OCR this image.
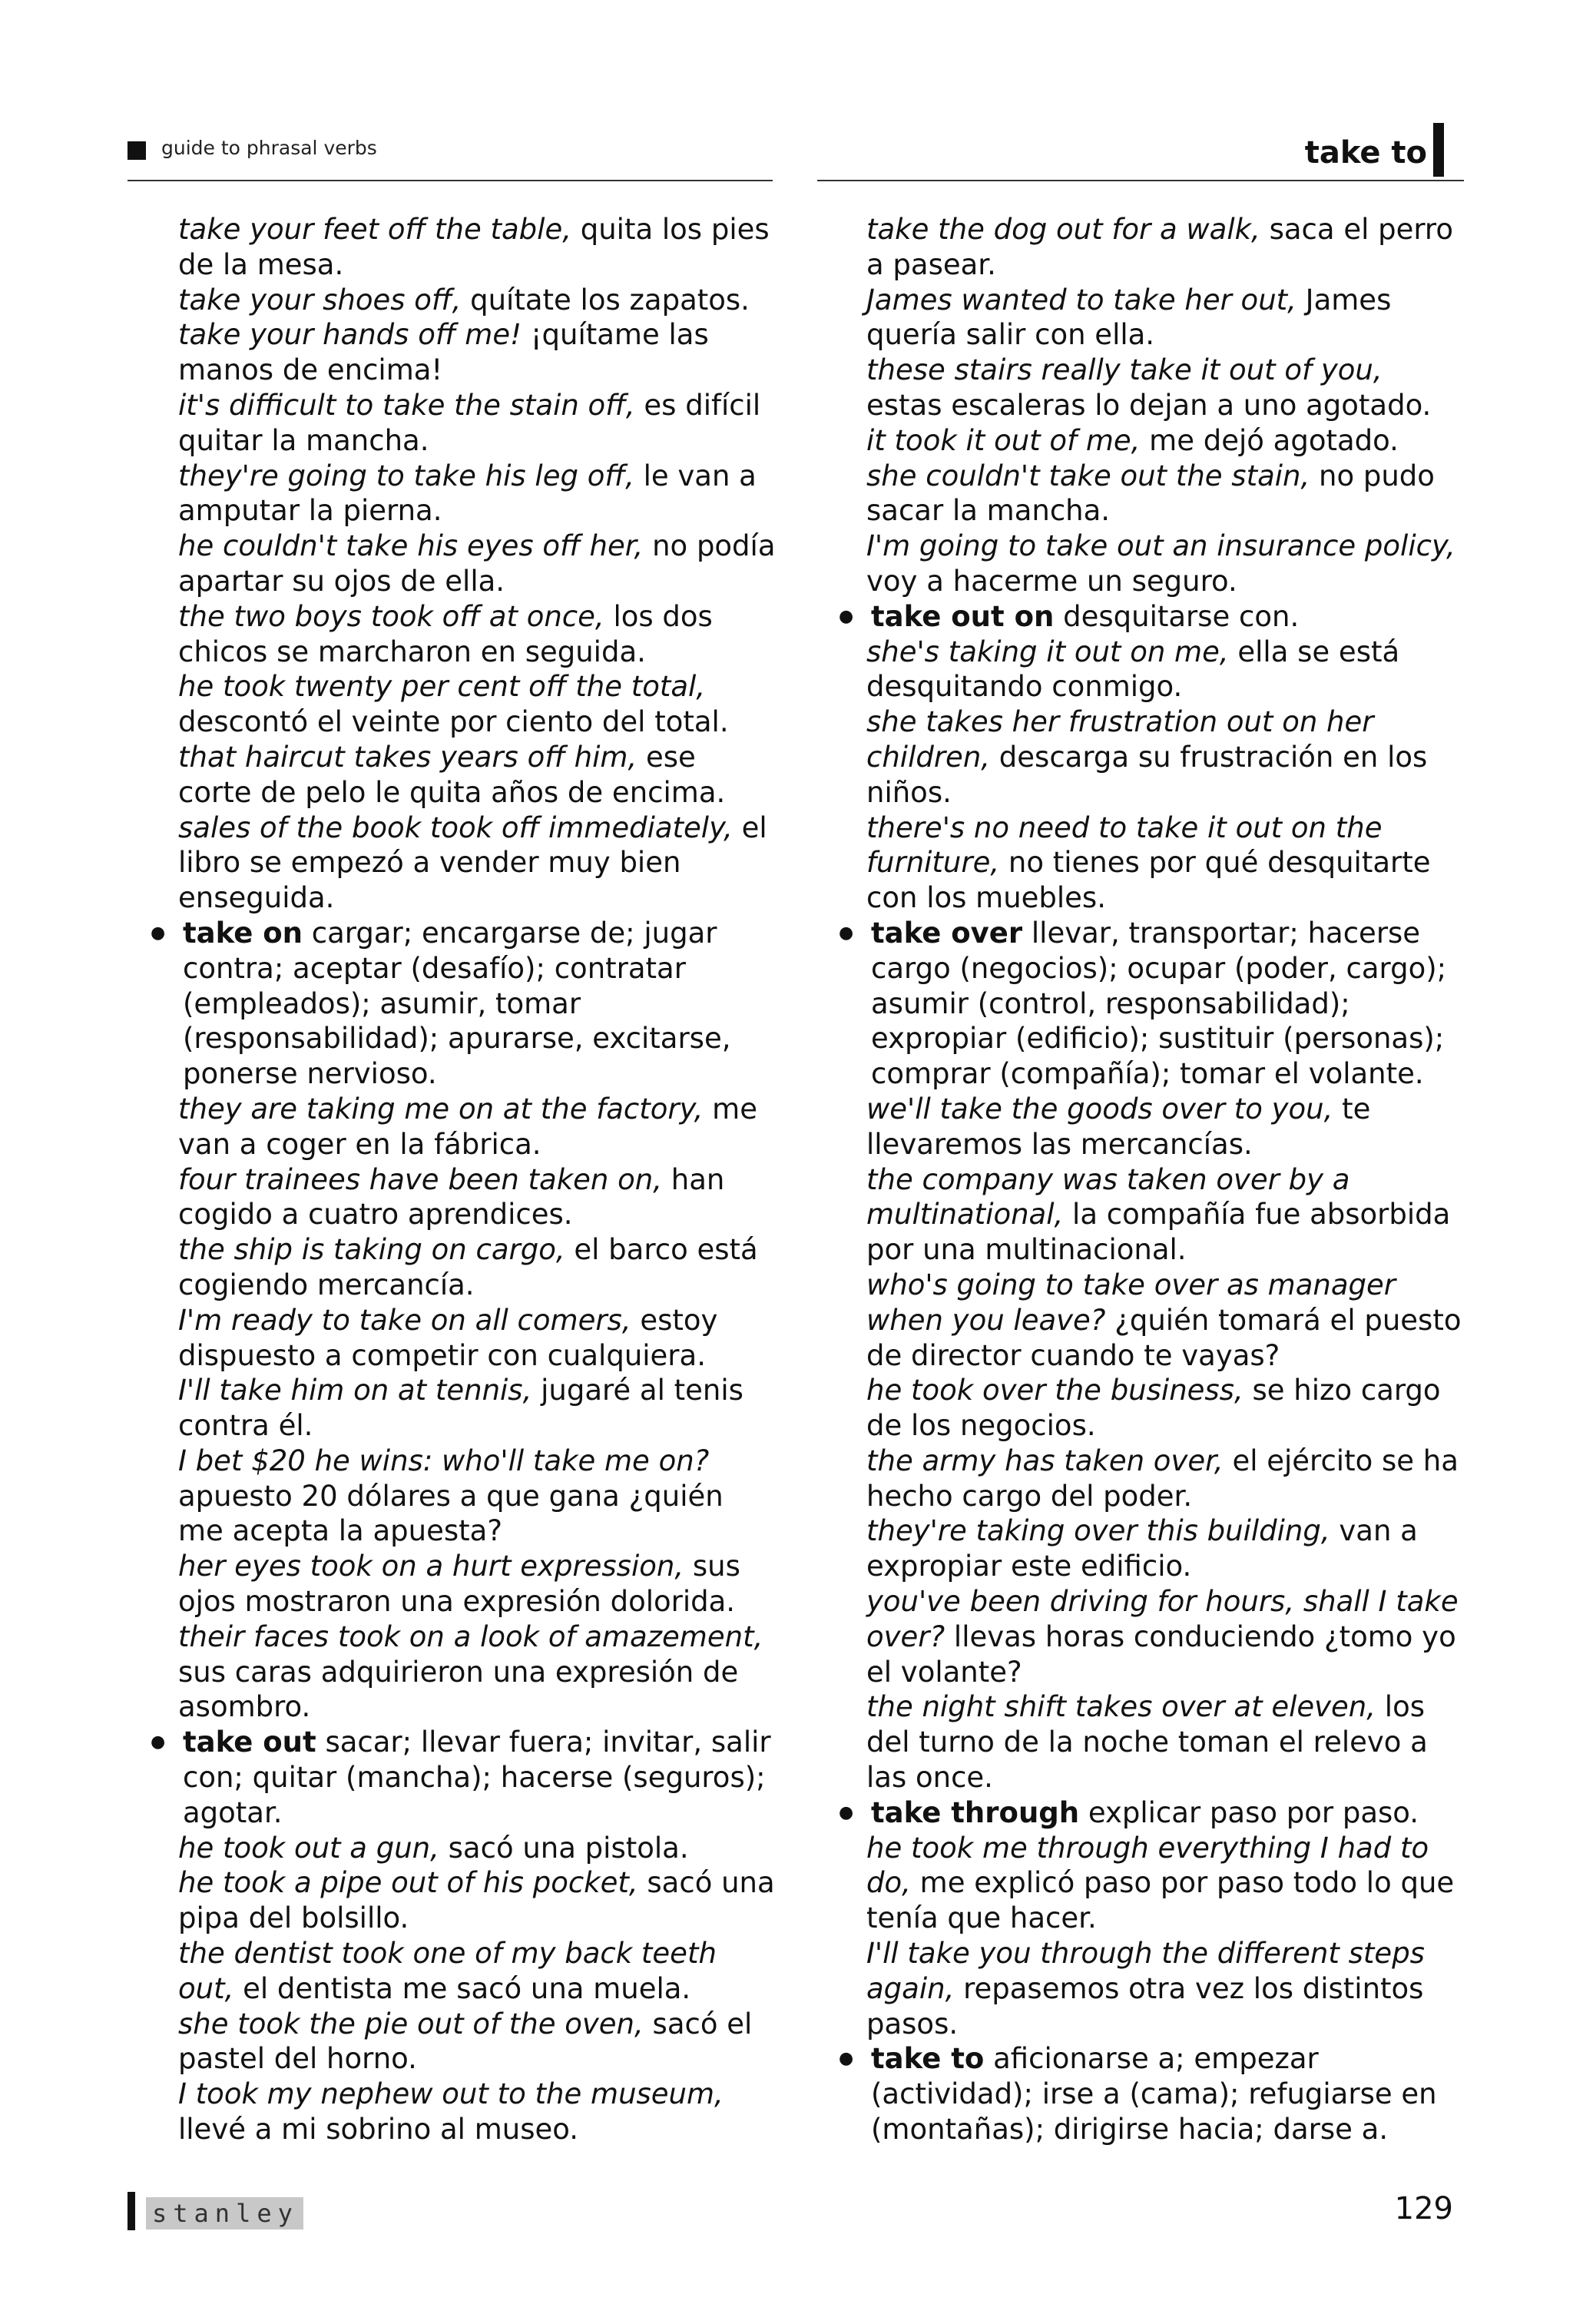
guide to phrasal verbs	take to

take your feet off the table, quita los pies de la mesa.

take your shoes off, quítate los zapatos.

take your hands off me! ¡quítame las manos de encima!

it's difficult to take the stain off, es difícil quitar la mancha.

they're going to take his leg off, le van a amputar la pierna.

he couldn't take his eyes off her, no podía apartar su ojos de ella.

the two boys took off at once, los dos chicos se marcharon en seguida.

he took twenty per cent off the total, descontó el veinte por ciento del total.

that haircut takes years off him, ese corte de pelo le quita años de encima.

sales of the book took off immediately, el libro se empezó a vender muy bien enseguida.

● take on cargar; encargarse de; jugar contra; aceptar (desafío); contratar (empleados); asumir, tomar (responsabilidad); apurarse, excitarse, ponerse nervioso.

they are taking me on at the factory, me van a coger en la fábrica.

four trainees have been taken on, han cogido a cuatro aprendices.

the ship is taking on cargo, el barco está cogiendo mercancía.

I'm ready to take on all comers, estoy dispuesto a competir con cualquiera.

I'll take him on at tennis, jugaré al tenis contra él.

I bet $20 he wins: who'll take me on? apuesto 20 dólares a que gana ¿quién me acepta la apuesta?

her eyes took on a hurt expression, sus ojos mostraron una expresión dolorida.

their faces took on a look of amazement, sus caras adquirieron una expresión de asombro.

● take out sacar; llevar fuera; invitar, salir con; quitar (mancha); hacerse (seguros); agotar.

he took out a gun, sacó una pistola.

he took a pipe out of his pocket, sacó una pipa del bolsillo.

the dentist took one of my back teeth out, el dentista me sacó una muela.

she took the pie out of the oven, sacó el pastel del horno.

I took my nephew out to the museum, llevé a mi sobrino al museo.

take the dog out for a walk, saca el perro a pasear.

James wanted to take her out, James quería salir con ella.

these stairs really take it out of you, estas escaleras lo dejan a uno agotado.

it took it out of me, me dejó agotado.

she couldn't take out the stain, no pudo sacar la mancha.

I'm going to take out an insurance policy, voy a hacerme un seguro.

● take out on desquitarse con.

she's taking it out on me, ella se está desquitando conmigo.

she takes her frustration out on her children, descarga su frustración en los niños.

there's no need to take it out on the furniture, no tienes por qué desquitarte con los muebles.

● take over llevar, transportar; hacerse cargo (negocios); ocupar (poder, cargo); asumir (control, responsabilidad); expropiar (edificio); sustituir (personas); comprar (compañía); tomar el volante.

we'll take the goods over to you, te llevaremos las mercancías.

the company was taken over by a multinational, la compañía fue absorbida por una multinacional.

who's going to take over as manager when you leave? ¿quién tomará el puesto de director cuando te vayas?

he took over the business, se hizo cargo de los negocios.

the army has taken over, el ejército se ha hecho cargo del poder.

they're taking over this building, van a expropiar este edificio.

you've been driving for hours, shall I take over? llevas horas conduciendo ¿tomo yo el volante?

the night shift takes over at eleven, los del turno de la noche toman el relevo a las once.

● take through explicar paso por paso.

he took me through everything I had to do, me explicó paso por paso todo lo que tenía que hacer.

I'll take you through the different steps again, repasemos otra vez los distintos pasos.

● take to aficionarse a; empezar (actividad); irse a (cama); refugiarse en (montañas); dirigirse hacia; darse a.

stanley	129
